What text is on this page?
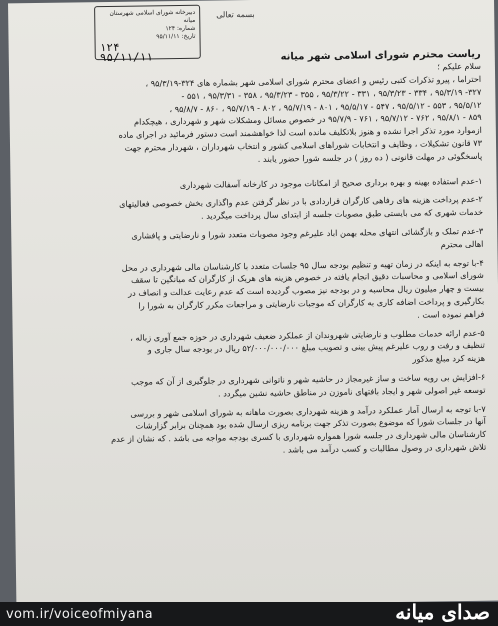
دبیرخانه شورای اسلامی شهرستان میانه
شماره: ۱۲۴
تاریخ: ۹۵/۱۱/۱۱
۱۲۴
۹۵/۱۱/۱۱
بسمه تعالی
ریاست محترم شورای اسلامی شهر میانه
سلام علیکم ؛
احتراما ، پیرو تذکرات کتبی رئیس و اعضای محترم شورای اسلامی شهر بشماره های ۳۲۴-۹۵/۳/۱۹ ،
۳۲۷- ۹۵/۳/۱۹ ، ۳۳۴ - ۹۵/۳/۲۳ ، ۳۳۱ - ۹۵/۳/۲۲ ، ۳۵۵ - ۹۵/۳/۲۳ ، ۳۵۸ - ۹۵/۳/۳۱ ، ۵۵۱ -
۹۵/۵/۱۲ ، ۵۵۳ - ۹۵/۵/۱۲ ، ۵۴۷ - ۹۵/۵/۱۷ ، ۸۰۱ - ۹۵/۷/۱۹ ، ۸۰۲ - ۹۵/۷/۱۹ ، ۸۶۰ - ۹۵/۸/۷ ،
۸۵۹ - ۹۵/۸/۱ ، ۷۶۲ - ۹۵/۷/۱۲ ، ۷۶۱ - ۹۵/۷/۹ در خصوص مسائل ومشکلات شهر و شهرداری ، هیچکدام
ازموارد مورد تذکر اجرا نشده و هنوز بلاتکلیف مانده است لذا خواهشمند است دستور فرمائید در اجرای ماده
۷۳ قانون تشکیلات ، وظایف و انتخابات شوراهای اسلامی کشور و انتخاب شهرداران ، شهردار محترم جهت
پاسخگوئی در مهلت قانونی ( ده روز ) در جلسه شورا حضور یابند .
۱-عدم استفاده بهینه و بهره برداری صحیح از امکانات موجود در کارخانه آسفالت شهرداری
۲-عدم پرداخت هزینه های رفاهی کارگران قراردادی با در نظر گرفتن عدم واگذاری بخش خصوصی فعالیتهای
خدمات شهری که می بایستی طبق مصوبات جلسه از ابتدای سال پرداخت میگردید .
۳-عدم تملک و بازگشائی انتهای محله بهمن اباد علیرغم وجود مصوبات متعدد شورا و نارضایتی و پافشاری
اهالی محترم
۴-با توجه به اینکه در زمان تهیه و تنظیم بودجه سال ۹۵ جلسات متعدد با کارشناسان مالی شهرداری در محل
شورای اسلامی و محاسبات دقیق انجام یافته در خصوص هزینه های هریک از کارگران که میانگین تا سقف
بیست و چهار میلیون ریال محاسبه و در بودجه نیز مصوب گردیده است که عدم رعایت عدالت و انصاف در
بکارگیری و پرداخت اضافه کاری به کارگران که موجبات نارضایتی و مراجعات مکرر کارگران به شورا را
فراهم نموده است .
۵-عدم ارائه خدمات مطلوب و نارضایتی شهروندان از عملکرد ضعیف شهرداری در حوزه جمع آوری زباله ،
تنظیف و رفت و روب علیرغم پیش بینی و تصویب مبلغ ۵۲/۰۰۰/۰۰۰/۰۰۰ ریال در بودجه سال جاری و
هزینه کرد مبلغ مذکور
۶-افزایش بی رویه ساخت و ساز غیرمجاز در حاشیه شهر و ناتوانی شهرداری در جلوگیری از آن که موجب
توسعه غیر اصولی شهر و ایجاد بافتهای ناموزن در مناطق حاشیه نشین میگردد .
۷-با توجه به ارسال آمار عملکرد درآمد و هزینه شهرداری بصورت ماهانه به شورای اسلامی شهر و بررسی
آنها در جلسات شورا که موضوع بصورت تذکر جهت برنامه ریزی ارسال شده بود همچنان برابر گزارشات
کارشناسان مالی شهرداری در جلسه شورا همواره شهرداری با کسری بودجه مواجه می باشد . که نشان از عدم
تلاش شهرداری در وصول مطالبات و کسب درآمد می باشد .
vom.ir/voiceofmiyana	صدای میانه
